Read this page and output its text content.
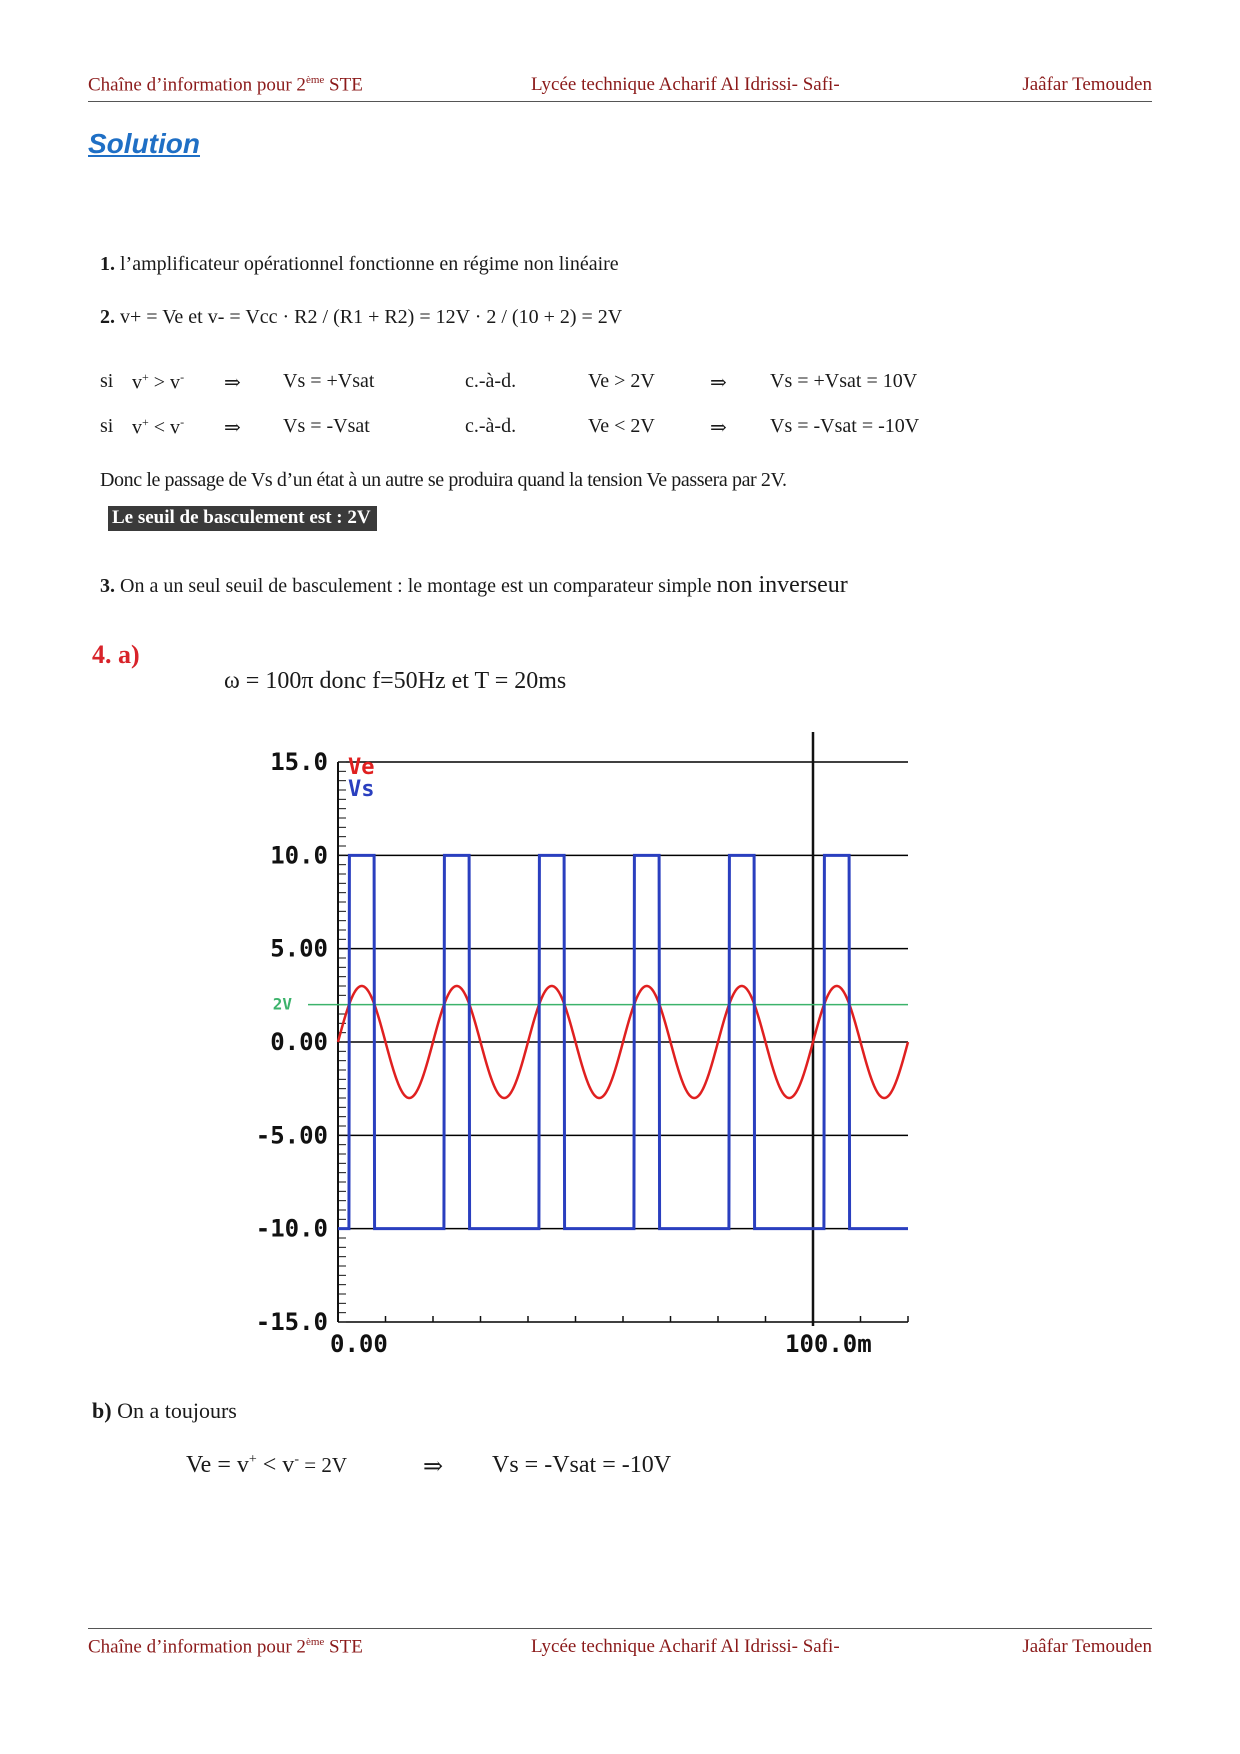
Chaîne d’information pour 2ème STE	Lycée technique Acharif Al Idrissi- Safi-	Jaâfar Temouden
Solution
1. l’amplificateur opérationnel fonctionne en régime non linéaire
2. v+ = Ve et v- = Vcc · R2 / (R1 + R2) = 12V · 2 / (10 + 2) = 2V
si v+ > v- ⇒ Vs = +Vsat	c.-à-d.	Ve > 2V	⇒ Vs = +Vsat = 10V
si v+ < v- ⇒ Vs = -Vsat	c.-à-d.	Ve < 2V	⇒ Vs = -Vsat = -10V
Donc le passage de Vs d’un état à un autre se produira quand la tension Ve passera par 2V.
Le seuil de basculement est : 2V
3. On a un seul seuil de basculement : le montage est un comparateur simple non inverseur
4. a)
ω = 100π donc f=50Hz et T = 20ms
15.0
10.0
5.00
0.00
-5.00
-10.0
-15.0
0.00	100.0m
2V
Ve
Vs
b) On a toujours
Ve = v+ < v- = 2V	⇒ Vs = -Vsat = -10V
Chaîne d’information pour 2ème STE	Lycée technique Acharif Al Idrissi- Safi-	Jaâfar Temouden
